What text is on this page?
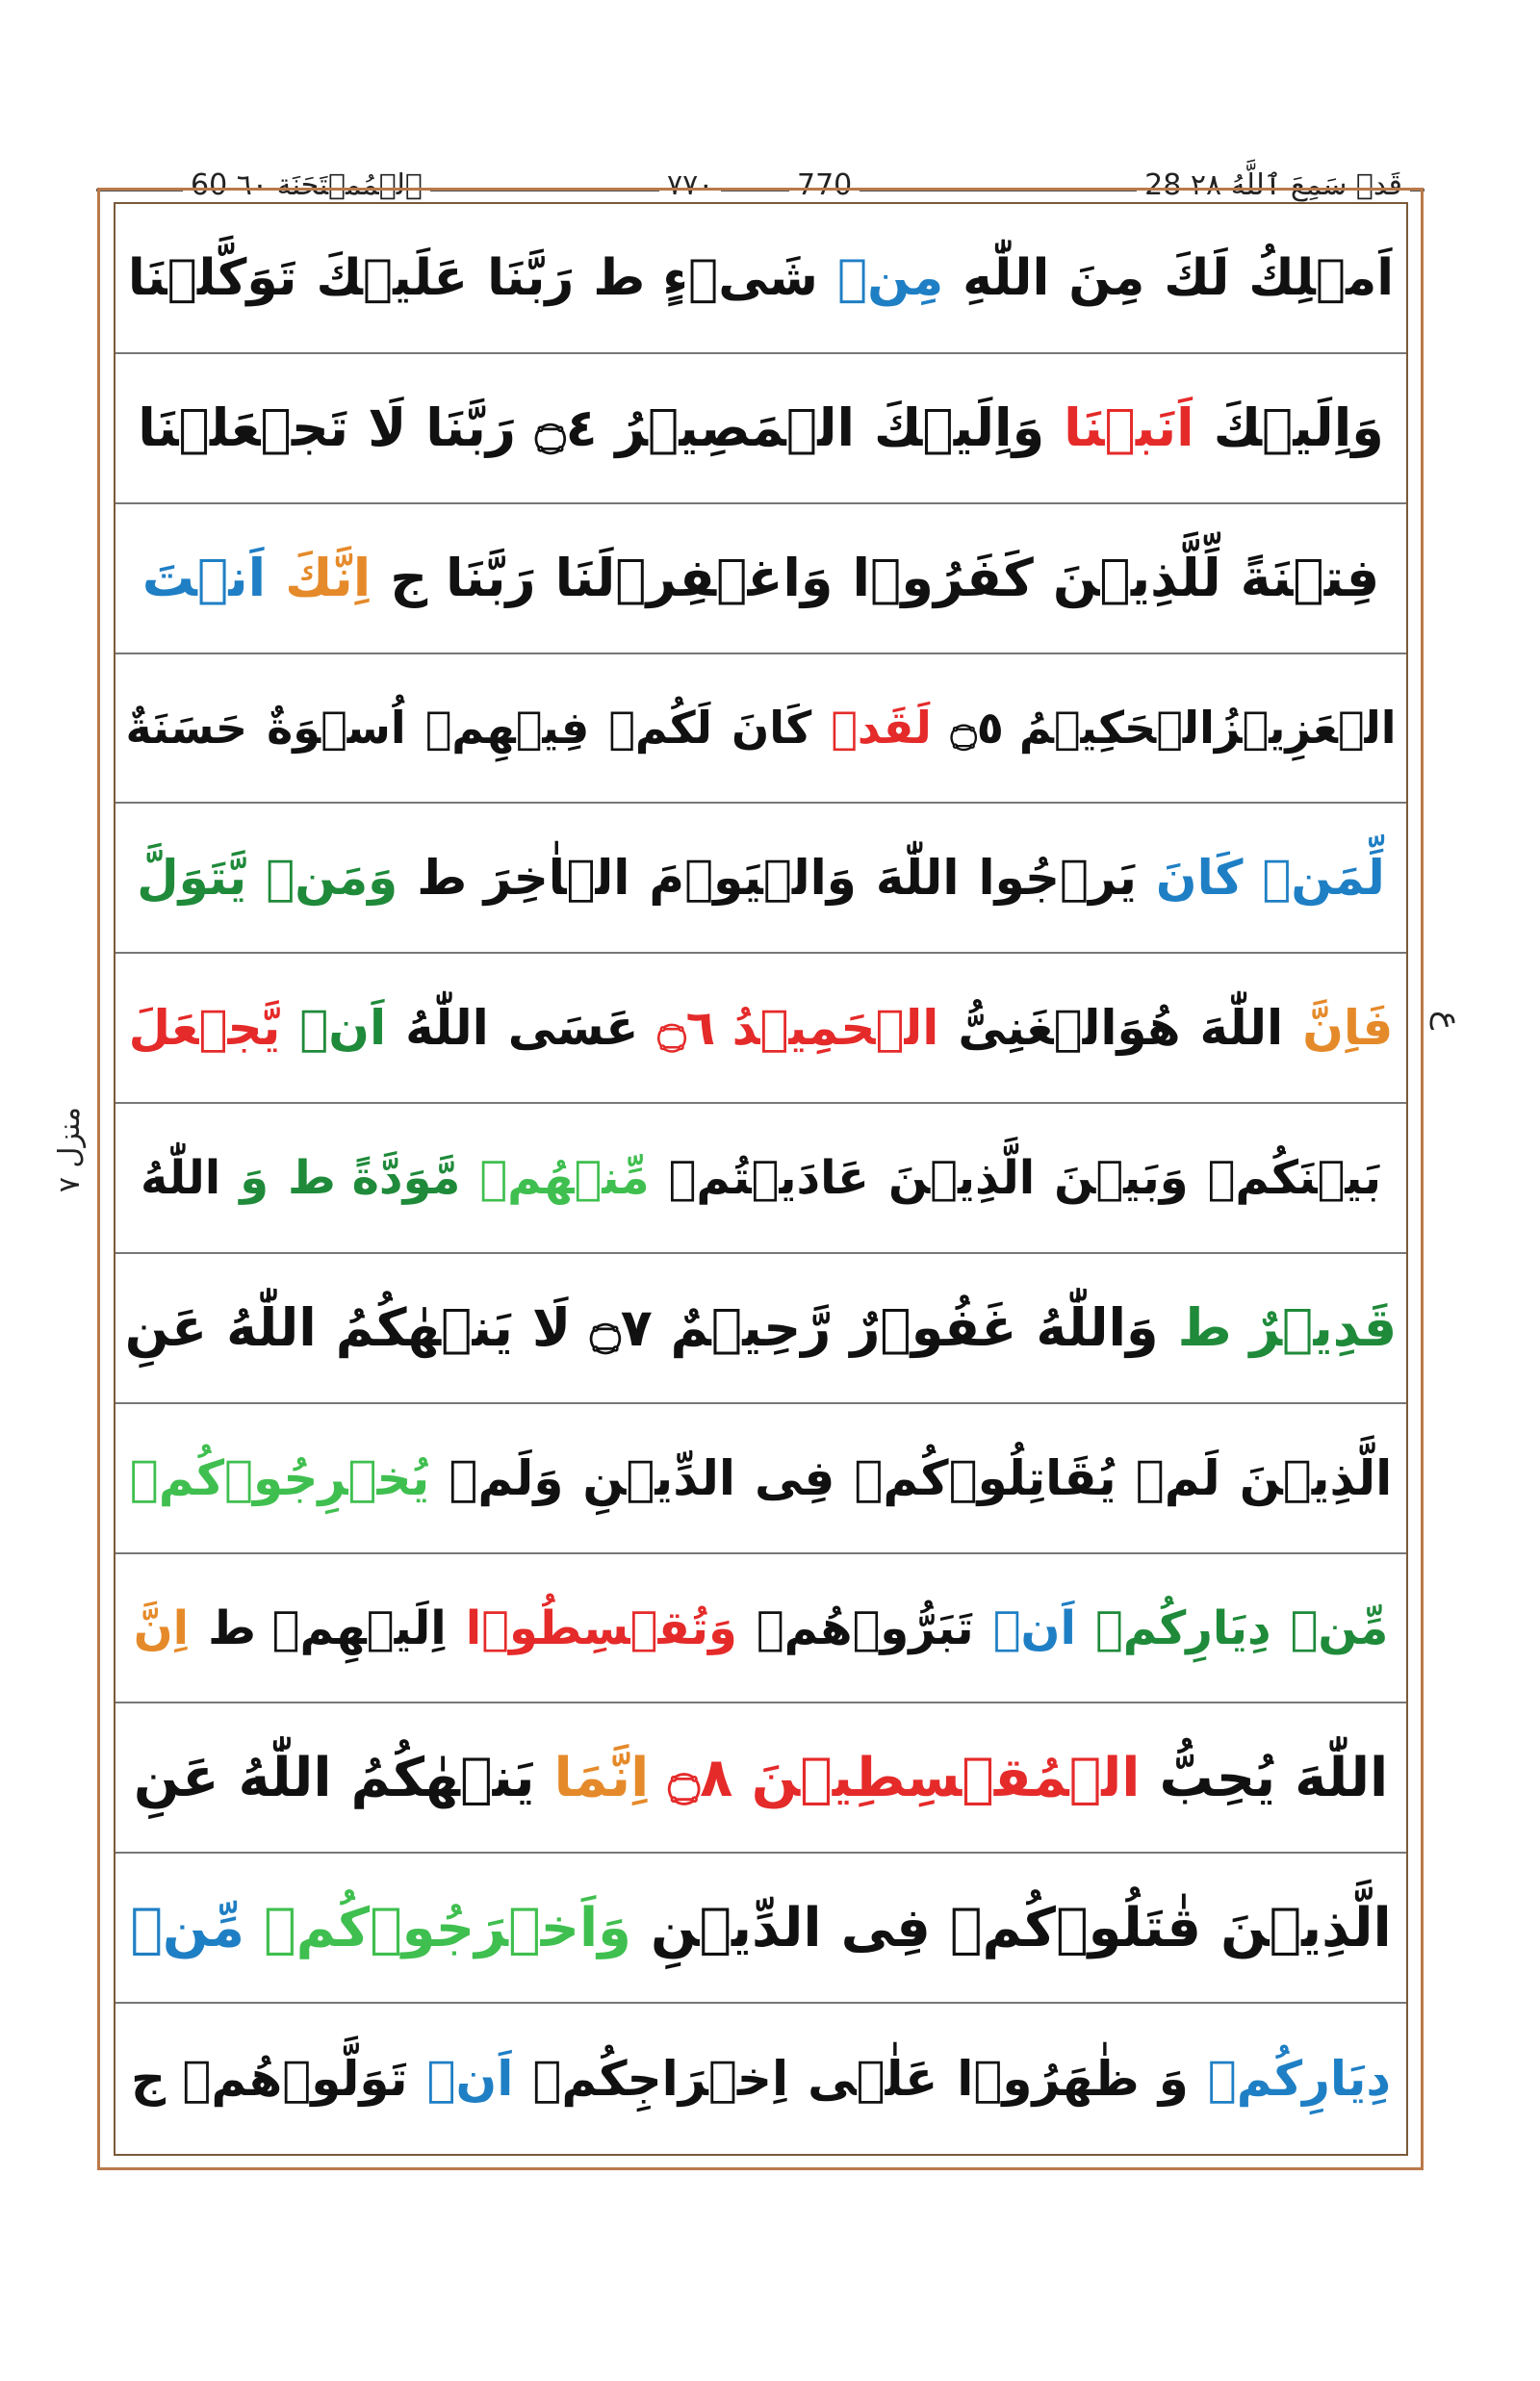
60 ٱلۡمُمۡتَحَنَة ٦٠	٧٧٠	770	28 قَدۡ سَمِعَ ٱللَّهُ ٢٨
اَمۡلِكُ
لَكَ
مِنَ
اللّٰهِ
مِنۡ
شَیۡءٍ ط
رَبَّنَا
عَلَیۡكَ
تَوَكَّلۡنَا
وَاِلَیۡكَ
اَنَبۡنَا
وَاِلَیۡكَ
الۡمَصِیۡرُ ۝٤
رَبَّنَا
لَا
تَجۡعَلۡنَا
فِتۡنَةً
لِّلَّذِیۡنَ
كَفَرُوۡا
وَاغۡفِرۡلَنَا
رَبَّنَا ج
اِنَّكَ
اَنۡتَ
الۡعَزِیۡزُالۡحَكِیۡمُ ۝٥
لَقَدۡ
كَانَ
لَكُمۡ
فِیۡهِمۡ
اُسۡوَةٌ
حَسَنَةٌ
لِّمَنۡ
كَانَ
یَرۡجُوا
اللّٰهَ
وَالۡیَوۡمَ
الۡاٰخِرَ ط
وَمَنۡ
یَّتَوَلَّ
فَاِنَّ
اللّٰهَ
هُوَالۡغَنِیُّ
الۡحَمِیۡدُ ۝٦
عَسَی
اللّٰهُ
اَنۡ
یَّجۡعَلَ
بَیۡنَكُمۡ
وَبَیۡنَ
الَّذِیۡنَ
عَادَیۡتُمۡ
مِّنۡهُمۡ
مَّوَدَّةً ط
وَ
اللّٰهُ
قَدِیۡرٌ ط
وَاللّٰهُ
غَفُوۡرٌ
رَّحِیۡمٌ ۝٧
لَا
یَنۡهٰكُمُ
اللّٰهُ
عَنِ
الَّذِیۡنَ
لَمۡ
یُقَاتِلُوۡكُمۡ
فِی
الدِّیۡنِ
وَلَمۡ
یُخۡرِجُوۡكُمۡ
مِّنۡ
دِیَارِكُمۡ
اَنۡ
تَبَرُّوۡهُمۡ
وَتُقۡسِطُوۡا
اِلَیۡهِمۡ ط
اِنَّ
اللّٰهَ
یُحِبُّ
الۡمُقۡسِطِیۡنَ ۝٨
اِنَّمَا
یَنۡهٰكُمُ
اللّٰهُ
عَنِ
الَّذِیۡنَ
قٰتَلُوۡكُمۡ
فِی
الدِّیۡنِ
وَاَخۡرَجُوۡكُمۡ
مِّنۡ
دِیَارِكُمۡ
وَ
ظٰهَرُوۡا
عَلٰۤی
اِخۡرَاجِكُمۡ
اَنۡ
تَوَلَّوۡهُمۡ ج
ع
منزل ٧
